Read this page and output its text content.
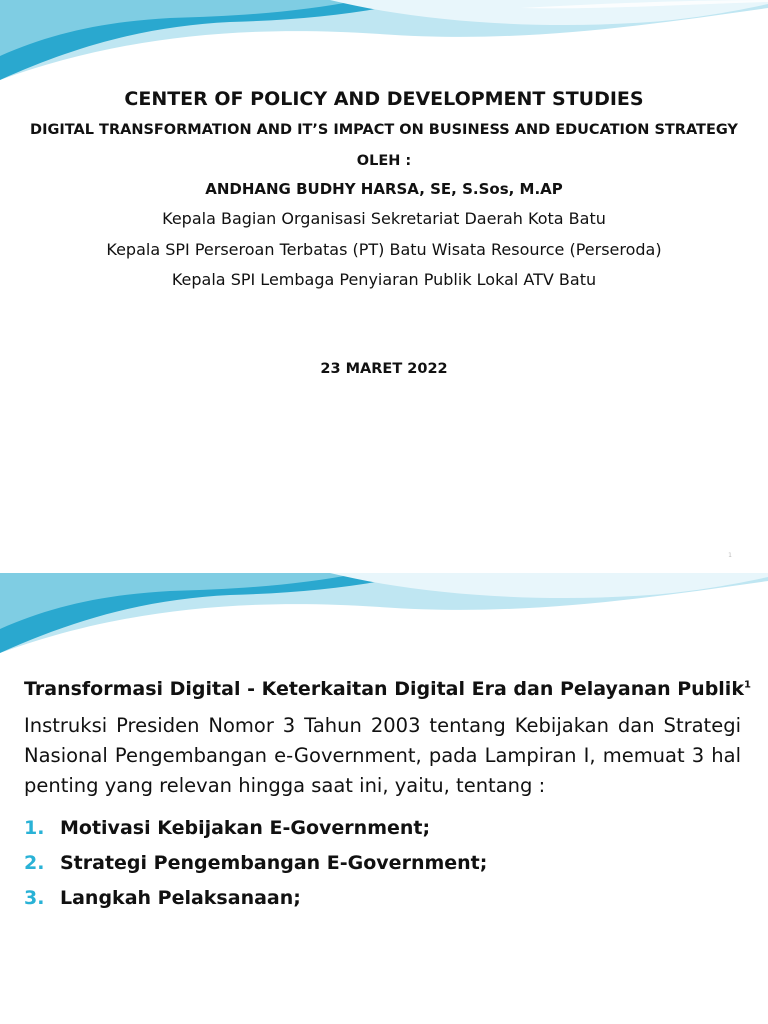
CENTER OF POLICY AND DEVELOPMENT STUDIES
DIGITAL TRANSFORMATION AND IT’S IMPACT ON BUSINESS AND EDUCATION STRATEGY
OLEH :
ANDHANG BUDHY HARSA, SE, S.Sos, M.AP
Kepala Bagian Organisasi Sekretariat Daerah Kota Batu
Kepala SPI Perseroan Terbatas (PT) Batu Wisata Resource (Perseroda)
Kepala SPI Lembaga Penyiaran Publik Lokal ATV Batu
23 MARET 2022
1
Transformasi Digital - Keterkaitan Digital Era dan Pelayanan Publik$^1$
Instruksi Presiden Nomor 3 Tahun 2003 tentang Kebijakan dan Strategi Nasional Pengembangan e-Government, pada Lampiran I, memuat 3 hal penting yang relevan hingga saat ini, yaitu, tentang :
1. Motivasi Kebijakan E-Government;
2. Strategi Pengembangan E-Government;
3. Langkah Pelaksanaan;
